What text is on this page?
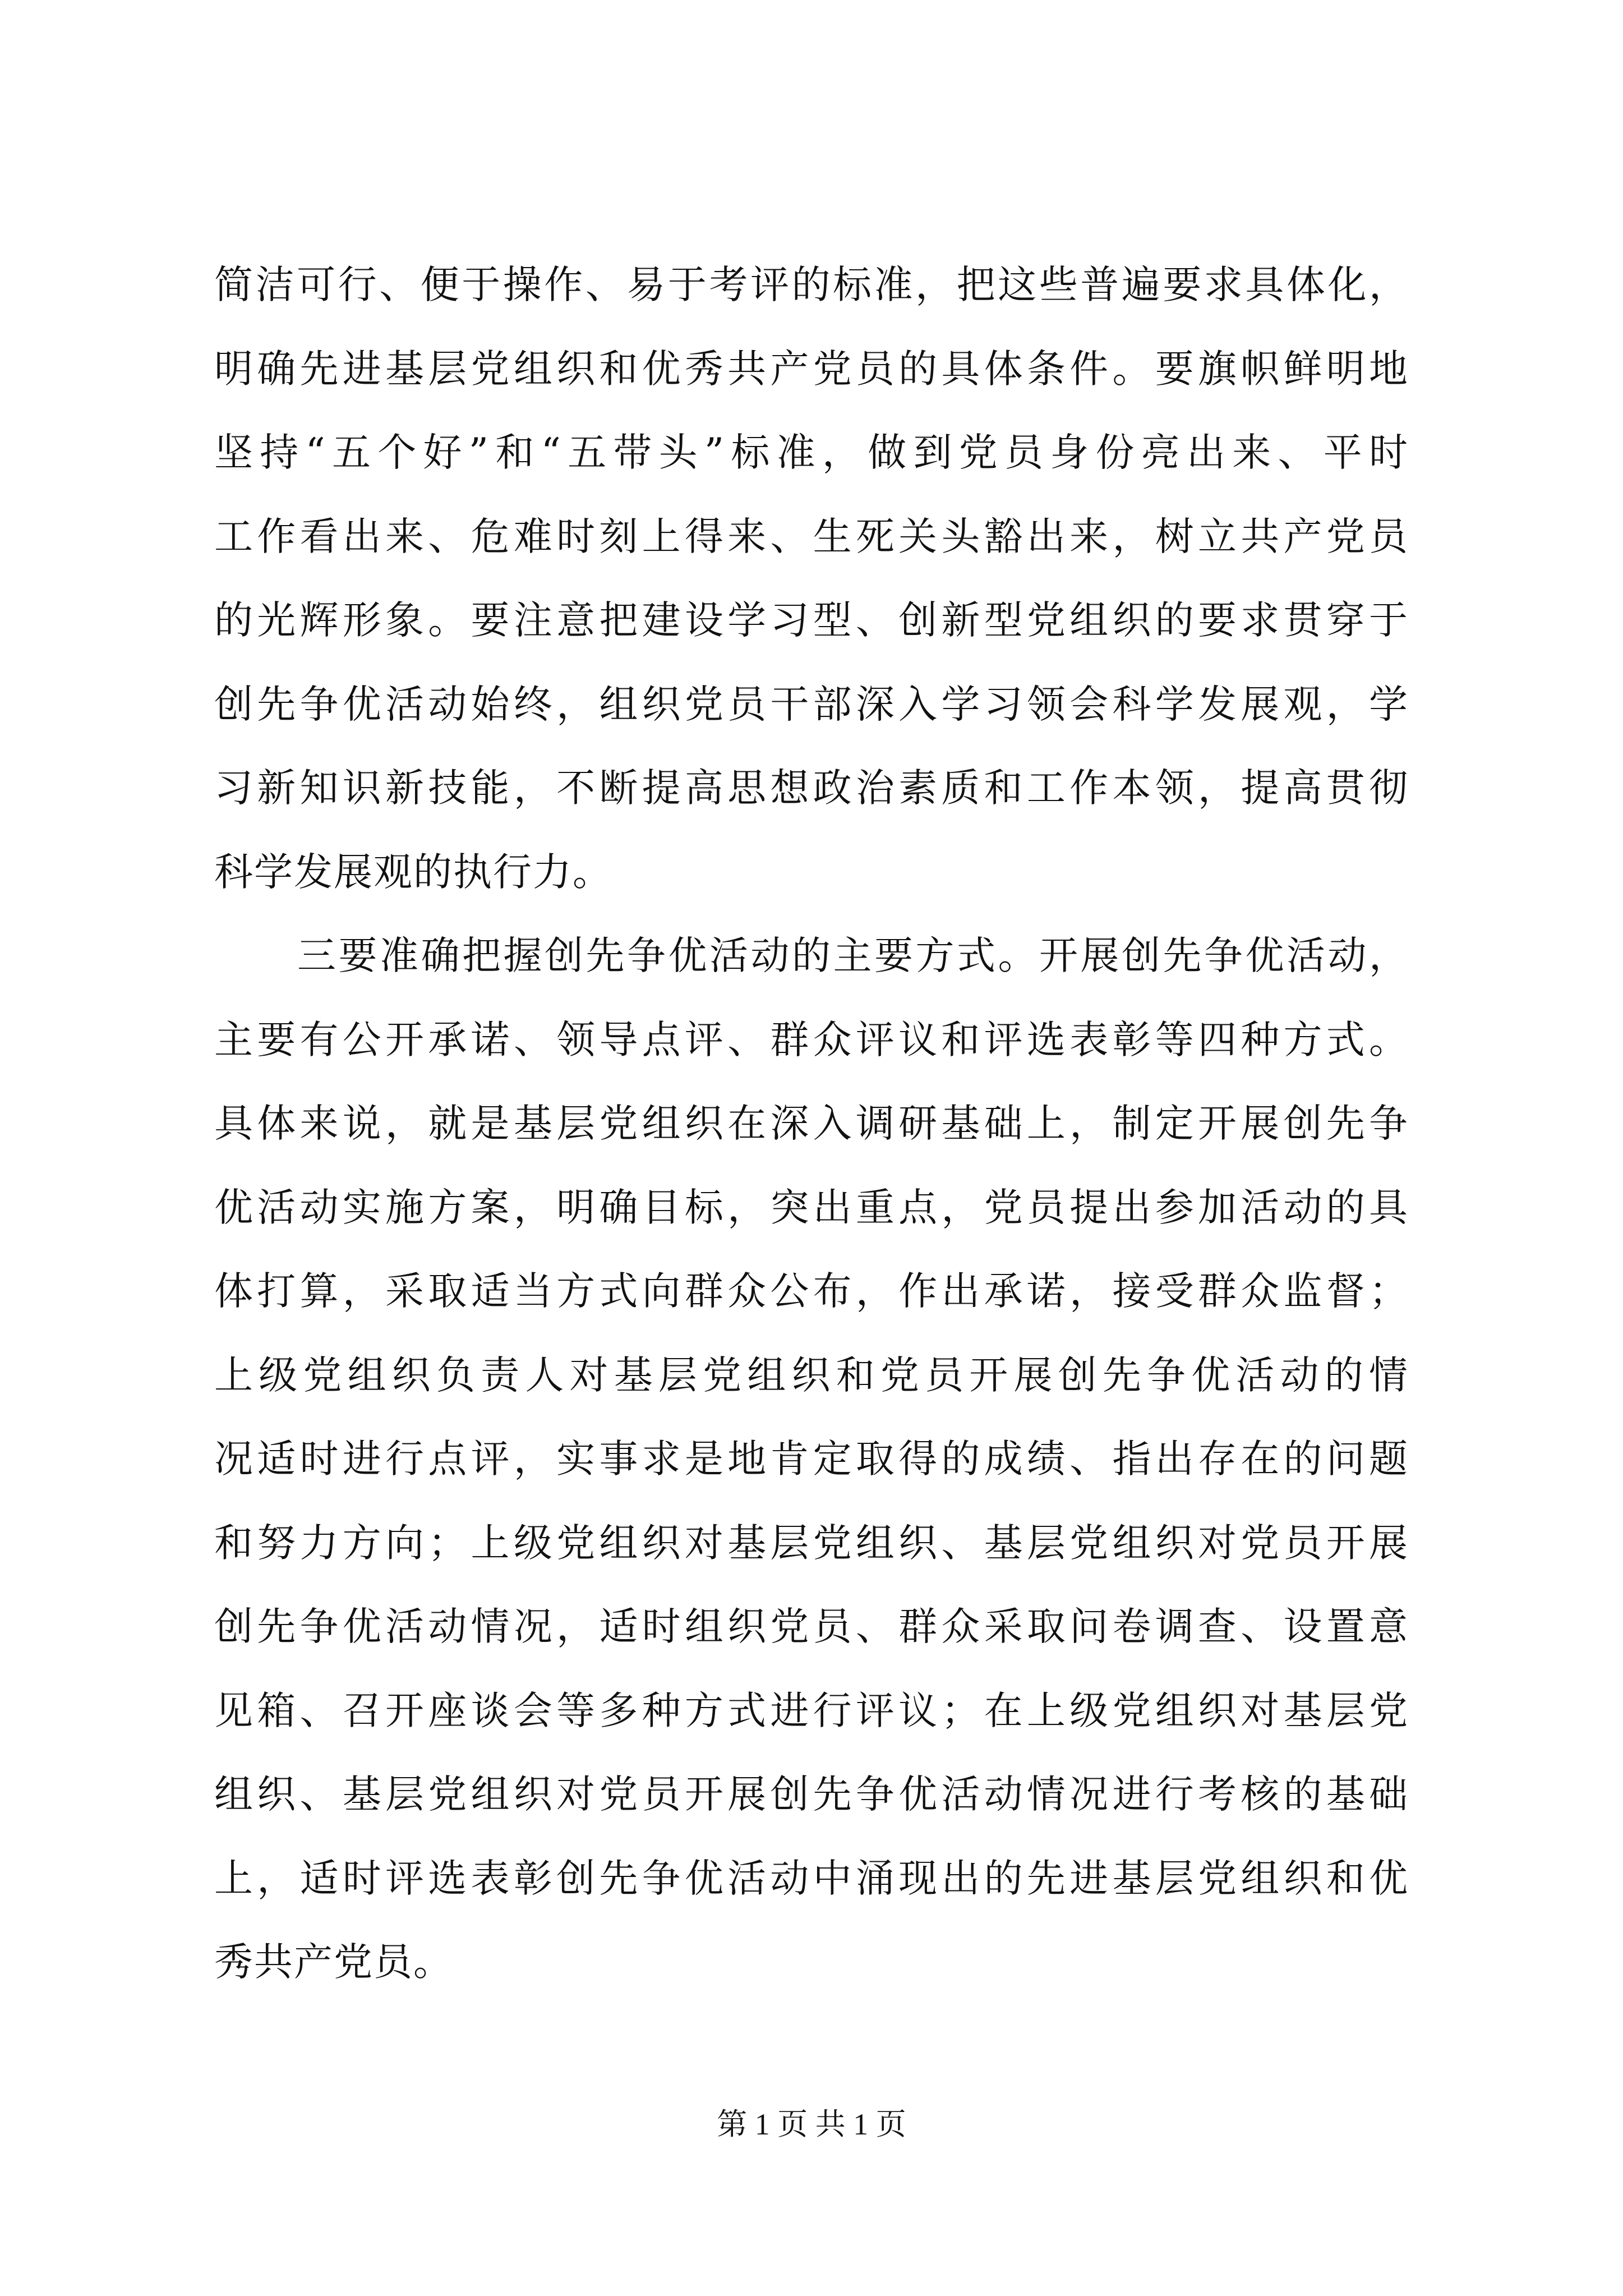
简洁可行、便于操作、易于考评的标准，把这些普遍要求具体化，
明确先进基层党组织和优秀共产党员的具体条件。要旗帜鲜明地
坚持“五个好”和“五带头”标准，做到党员身份亮出来、平时
工作看出来、危难时刻上得来、生死关头豁出来，树立共产党员
的光辉形象。要注意把建设学习型、创新型党组织的要求贯穿于
创先争优活动始终，组织党员干部深入学习领会科学发展观，学
习新知识新技能，不断提高思想政治素质和工作本领，提高贯彻
科学发展观的执行力。
三要准确把握创先争优活动的主要方式。开展创先争优活动，
主要有公开承诺、领导点评、群众评议和评选表彰等四种方式。
具体来说，就是基层党组织在深入调研基础上，制定开展创先争
优活动实施方案，明确目标，突出重点，党员提出参加活动的具
体打算，采取适当方式向群众公布，作出承诺，接受群众监督；
上级党组织负责人对基层党组织和党员开展创先争优活动的情
况适时进行点评，实事求是地肯定取得的成绩、指出存在的问题
和努力方向；上级党组织对基层党组织、基层党组织对党员开展
创先争优活动情况，适时组织党员、群众采取问卷调查、设置意
见箱、召开座谈会等多种方式进行评议；在上级党组织对基层党
组织、基层党组织对党员开展创先争优活动情况进行考核的基础
上，适时评选表彰创先争优活动中涌现出的先进基层党组织和优
秀共产党员。
第 1 页 共 1 页
